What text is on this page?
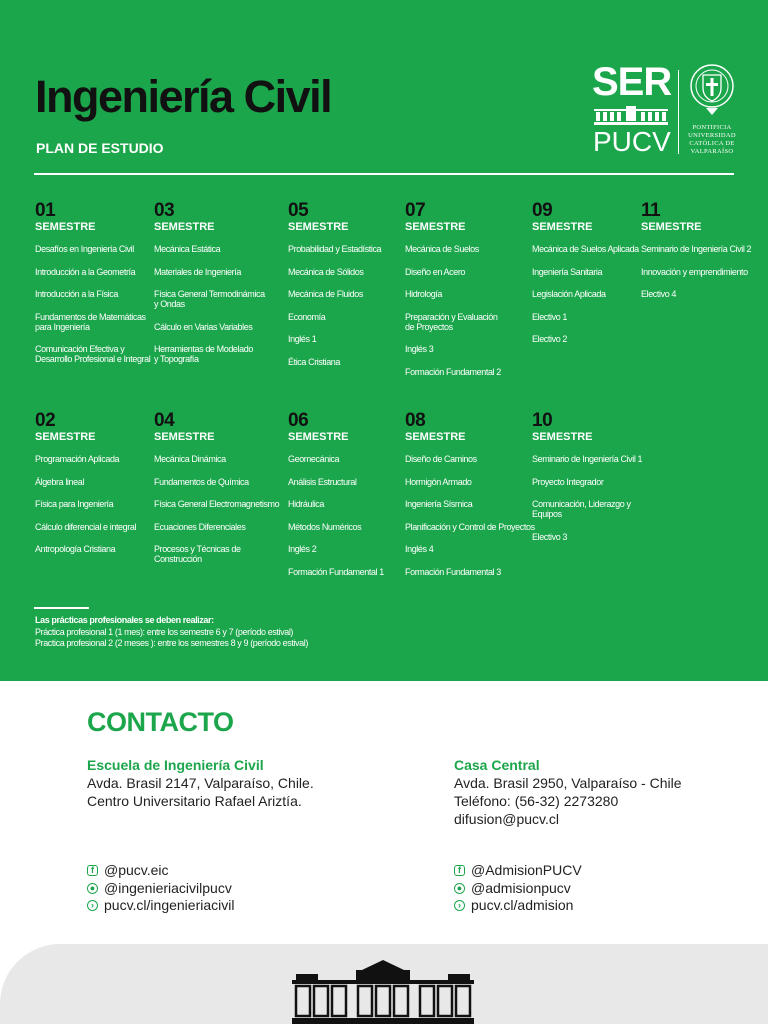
Ingeniería Civil
PLAN DE ESTUDIO
SER
PUCV	PONTIFICIA
UNIVERSIDAD
CATÓLICA DE
VALPARAÍSO
01
SEMESTRE
Desafíos en Ingeniería Civil
Introducción a la Geometría
Introducción a la Física
Fundamentos de Matemáticas
para Ingeniería
Comunicación Efectiva y
Desarrollo Profesional e Integral
03
SEMESTRE
Mecánica Estática
Materiales de Ingeniería
Física General Termodinámica
y Ondas
Cálculo en Varias Variables
Herramientas de Modelado
y Topografía
05
SEMESTRE
Probabilidad y Estadística
Mecánica de Sólidos
Mecánica de Fluidos
Economía
Inglés 1
Ética Cristiana
07
SEMESTRE
Mecánica de Suelos
Diseño en Acero
Hidrología
Preparación y Evaluación
de Proyectos
Inglés 3
Formación Fundamental 2
09
SEMESTRE
Mecánica de Suelos Aplicada
Ingeniería Sanitaria
Legislación Aplicada
Electivo 1
Electivo 2
11
SEMESTRE
Seminario de Ingeniería Civil 2
Innovación y emprendimiento
Electivo 4
02
SEMESTRE
Programación Aplicada
Álgebra lineal
Física para Ingeniería
Cálculo diferencial e integral
Antropología Cristiana
04
SEMESTRE
Mecánica Dinámica
Fundamentos de Química
Física General Electromagnetismo
Ecuaciones Diferenciales
Procesos y Técnicas de Construcción
06
SEMESTRE
Geomecánica
Análisis Estructural
Hidráulica
Métodos Numéricos
Inglés 2
Formación Fundamental 1
08
SEMESTRE
Diseño de Caminos
Hormigón Armado
Ingeniería Sísmica
Planificación y Control de Proyectos
Inglés 4
Formación Fundamental 3
10
SEMESTRE
Seminario de Ingeniería Civil 1
Proyecto Integrador
Comunicación, Liderazgo y Equipos
Electivo 3
Las prácticas profesionales se deben realizar:
Práctica profesional 1 (1 mes): entre los semestre 6 y 7 (período estival)
Practica profesional 2 (2 meses ): entre los semestres 8 y 9 (período estival)
CONTACTO
Escuela de Ingeniería Civil
Avda. Brasil 2147, Valparaíso, Chile.
Centro Universitario Rafael Ariztía.
Casa Central
Avda. Brasil 2950, Valparaíso - Chile
Teléfono: (56-32) 2273280
difusion@pucv.cl
f @pucv.eic
● @ingenieriacivilpucv
› pucv.cl/ingenieriacivil
f @AdmisionPUCV
● @admisionpucv
› pucv.cl/admision
